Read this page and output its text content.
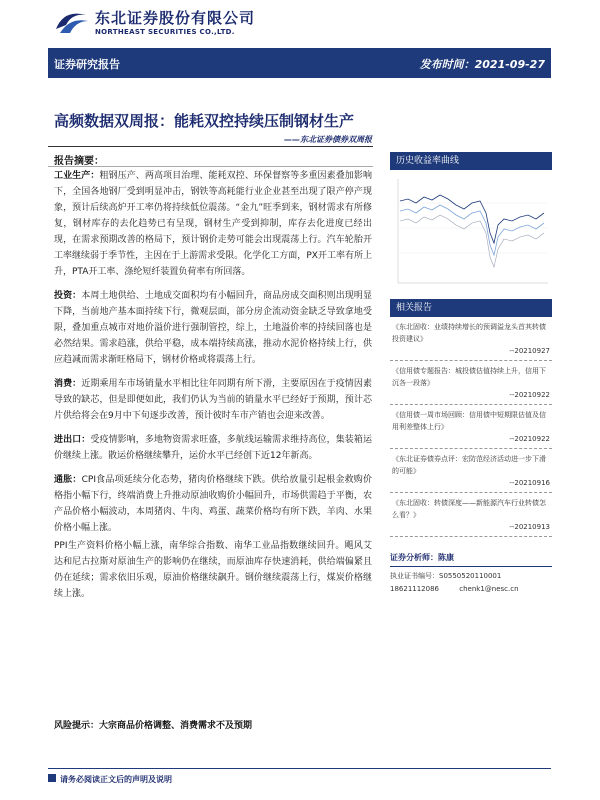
东北证券股份有限公司
NORTHEAST SECURITIES CO.,LTD.
证券研究报告	发布时间：2021-09-27
高频数据双周报：能耗双控持续压制钢材生产
——东北证券债券双周报
报告摘要：

工业生产：粗钢压产、两高项目治理、能耗双控、环保督察等多重因素叠加影响下，全国各地钢厂受到明显冲击，钢铁等高耗能行业企业甚至出现了限产停产现象，预计后续高炉开工率仍将持续低位震荡。“金九”旺季到来，钢材需求有所修复，钢材库存的去化趋势已有呈现，钢材生产受到抑制，库存去化进度已经出现，在需求预期改善的格局下，预计钢价走势可能会出现震荡上行。汽车轮胎开工率继续弱于季节性，主因在于上游需求受限。化学化工方面，PX开工率有所上升，PTA开工率、涤纶短纤装置负荷率有所回落。

投资：本周土地供给、土地成交面积均有小幅回升，商品房成交面积则出现明显下降，当前地产基本面持续下行，微观层面，部分房企流动资金缺乏导致拿地受限，叠加重点城市对地价溢价进行强制管控，综上，土地溢价率的持续回落也是必然结果。需求趋涨，供给平稳，成本端持续高涨，推动水泥价格持续上行，供应趋减而需求渐旺格局下，钢材价格或将震荡上行。

消费：近期乘用车市场销量水平相比往年同期有所下滑，主要原因在于疫情因素导致的缺芯，但是即便如此，我们仍认为当前的销量水平已经好于预期，预计芯片供给将会在9月中下旬逐步改善，预计彼时车市产销也会迎来改善。

进出口：受疫情影响，多地物资需求旺盛，多航线运输需求维持高位，集装箱运价继续上涨。散运价格继续攀升，运价水平已经创下近12年新高。

通胀：CPI食品项延续分化态势，猪肉价格继续下跌。供给放量引起根金救购价格指小幅下行，终端消费上升推动原油收购价小幅回升，市场供需趋于平衡，农产品价格小幅波动，本周猪肉、牛肉、鸡蛋、蔬菜价格均有所下跌，羊肉、水果价格小幅上涨。

PPI生产资料价格小幅上涨，南华综合指数、南华工业品指数继续回升。飓风艾达和尼古拉斯对原油生产的影响仍在继续，而原油库存快速消耗，供给端偏紧且仍在延续；需求依旧乐观，原油价格继续飙升。钢价继续震荡上行，煤炭价格继续上涨。

历史收益率曲线
相关报告
《东北固收：业绩持续增长的预调溢龙头首其转债投资建议》
--20210927
《信用债专题报告：城投债估值持续上升，信用下沉各一段落》
--20210922
《信用债一周市场回顾：信用债中短期限估值及信用利差整体上行》
--20210922
《东北证券债券点评：宏防范经济活动进一步下滑的可能》
--20210916
《东北固收：转债深度——新能源汽车行业转债怎么看？》
--20210913
证券分析师：陈康
执业证书编号：S0550520110001
18621112086	chenk1@nesc.cn
风险提示：大宗商品价格调整、消费需求不及预期
请务必阅读正文后的声明及说明
